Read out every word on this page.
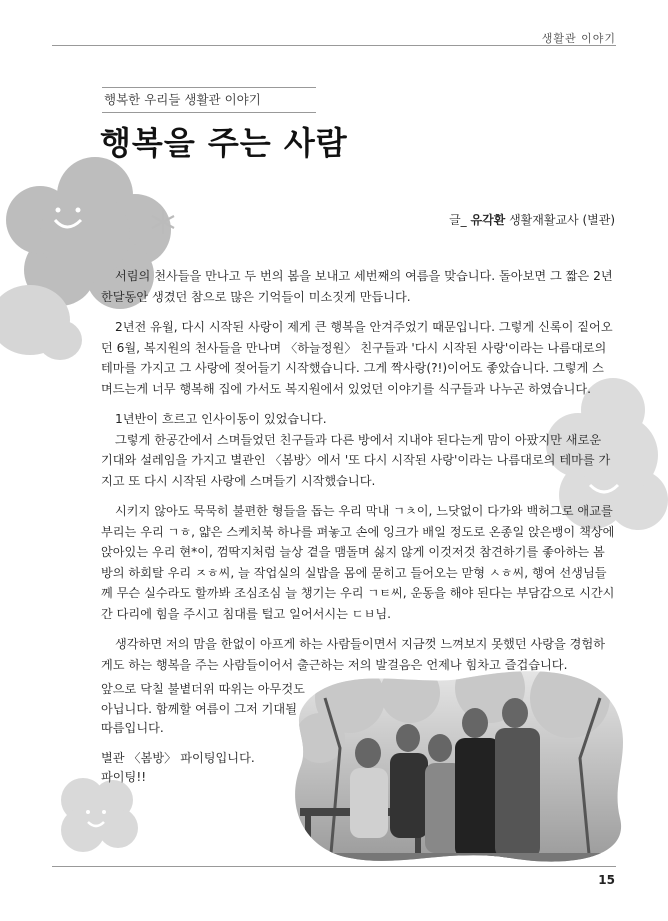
생활관 이야기
행복한 우리들 생활관 이야기
행복을 주는 사람
글_ 유각환 생활재활교사 (별관)

서림의 천사들을 만나고 두 번의 봄을 보내고 세번째의 여름을 맞습니다. 돌아보면 그 짧은 2년 한달동안 생겼던 참으로 많은 기억들이 미소짓게 만듭니다.

2년전 유월, 다시 시작된 사랑이 제게 큰 행복을 안겨주었기 때문입니다. 그렇게 신록이 짙어오던 6월, 복지원의 천사들을 만나며 〈하늘정원〉 친구들과 '다시 시작된 사랑'이라는 나름대로의 테마를 가지고 그 사랑에 젖어들기 시작했습니다. 그게 짝사랑(?!)이어도 좋았습니다. 그렇게 스며드는게 너무 행복해 집에 가서도 복지원에서 있었던 이야기를 식구들과 나누곤 하였습니다.

1년반이 흐르고 인사이동이 있었습니다.

그렇게 한공간에서 스며들었던 친구들과 다른 방에서 지내야 된다는게 맘이 아팠지만 새로운 기대와 설레임을 가지고 별관인 〈봄방〉에서 '또 다시 시작된 사랑'이라는 나름대로의 테마를 가지고 또 다시 시작된 사랑에 스며들기 시작했습니다.

시키지 않아도 묵묵히 불편한 형들을 돕는 우리 막내 ㄱㅊ이, 느닷없이 다가와 백허그로 애교를 부리는 우리 ㄱㅎ, 얇은 스케치북 하나를 펴놓고 손에 잉크가 배일 정도로 온종일 앉은뱅이 책상에 앉아있는 우리 현*이, 껌딱지처럼 늘상 곁을 맴돌며 싫지 않게 이것저것 참견하기를 좋아하는 봄방의 하회탈 우리 ㅈㅎ씨, 늘 작업실의 실밥을 몸에 묻히고 들어오는 맏형 ㅅㅎ씨, 행여 선생님들께 무슨 실수라도 할까봐 조심조심 늘 챙기는 우리 ㄱㅌ씨, 운동을 해야 된다는 부담감으로 시간시간 다리에 힘을 주시고 침대를 털고 일어서시는 ㄷㅂ님.

생각하면 저의 맘을 한없이 아프게 하는 사람들이면서 지금껏 느껴보지 못했던 사랑을 경험하게도 하는 행복을 주는 사람들이어서 출근하는 저의 발걸음은 언제나 힘차고 즐겁습니다.

앞으로 닥칠 불볕더위 따위는 아무것도
아닙니다. 함께할 여름이 그저 기대될
따름입니다.

별관 〈봄방〉 파이팅입니다.
파이팅!!

15
